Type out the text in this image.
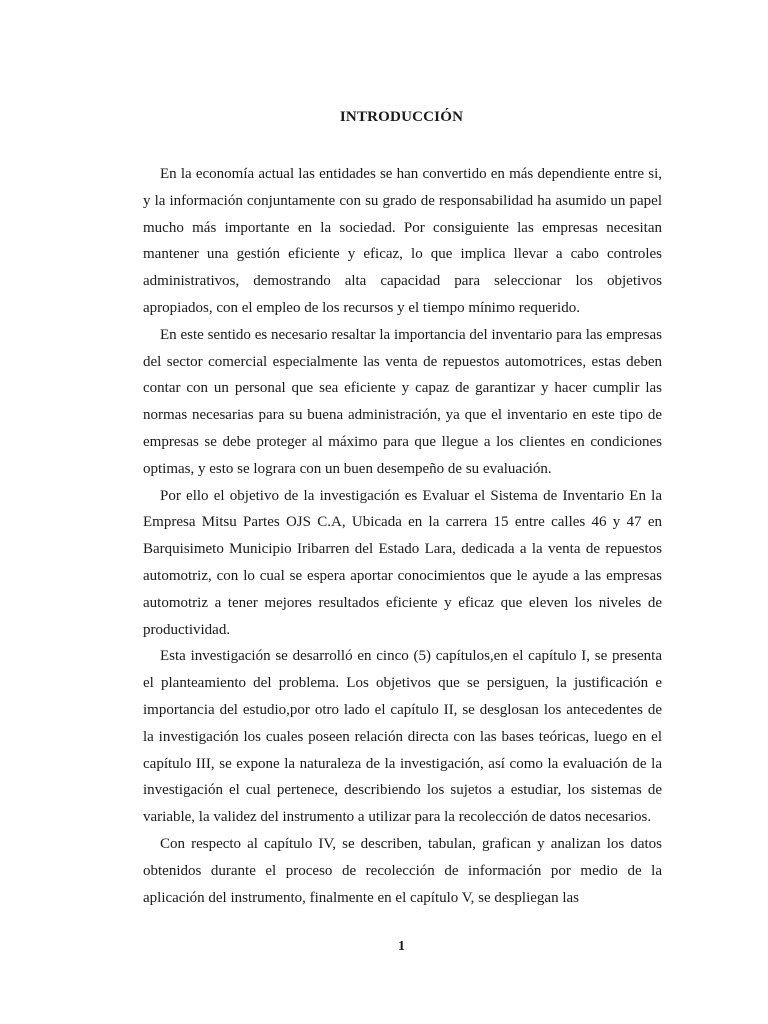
INTRODUCCIÓN

En la economía actual las entidades se han convertido en más dependiente entre si, y la información conjuntamente con su grado de responsabilidad ha asumido un papel mucho más importante en la sociedad. Por consiguiente las empresas necesitan mantener una gestión eficiente y eficaz, lo que implica llevar a cabo controles administrativos, demostrando alta capacidad para seleccionar los objetivos apropiados, con el empleo de los recursos y el tiempo mínimo requerido.

En este sentido es necesario resaltar la importancia del inventario para las empresas del sector comercial especialmente las venta de repuestos automotrices, estas deben contar con un personal que sea eficiente y capaz de garantizar y hacer cumplir las normas necesarias para su buena administración, ya que el inventario en este tipo de empresas se debe proteger al máximo para que llegue a los clientes en condiciones optimas, y esto se lograra con un buen desempeño de su evaluación.

Por ello el objetivo de la investigación es Evaluar el Sistema de Inventario En la Empresa Mitsu Partes OJS C.A, Ubicada en la carrera 15 entre calles 46 y 47 en Barquisimeto Municipio Iribarren del Estado Lara, dedicada a la venta de repuestos automotriz, con lo cual se espera aportar conocimientos que le ayude a las empresas automotriz a tener mejores resultados eficiente y eficaz que eleven los niveles de productividad.

Esta investigación se desarrolló en cinco (5) capítulos,en el capítulo I, se presenta el planteamiento del problema. Los objetivos que se persiguen, la justificación e importancia del estudio,por otro lado el capítulo II, se desglosan los antecedentes de la investigación los cuales poseen relación directa con las bases teóricas, luego en el capítulo III, se expone la naturaleza de la investigación, así como la evaluación de la investigación el cual pertenece, describiendo los sujetos a estudiar, los sistemas de variable, la validez del instrumento a utilizar para la recolección de datos necesarios.

Con respecto al capítulo IV, se describen, tabulan, grafican y analizan los datos obtenidos durante el proceso de recolección de información por medio de la aplicación del instrumento, finalmente en el capítulo V, se despliegan las

1
